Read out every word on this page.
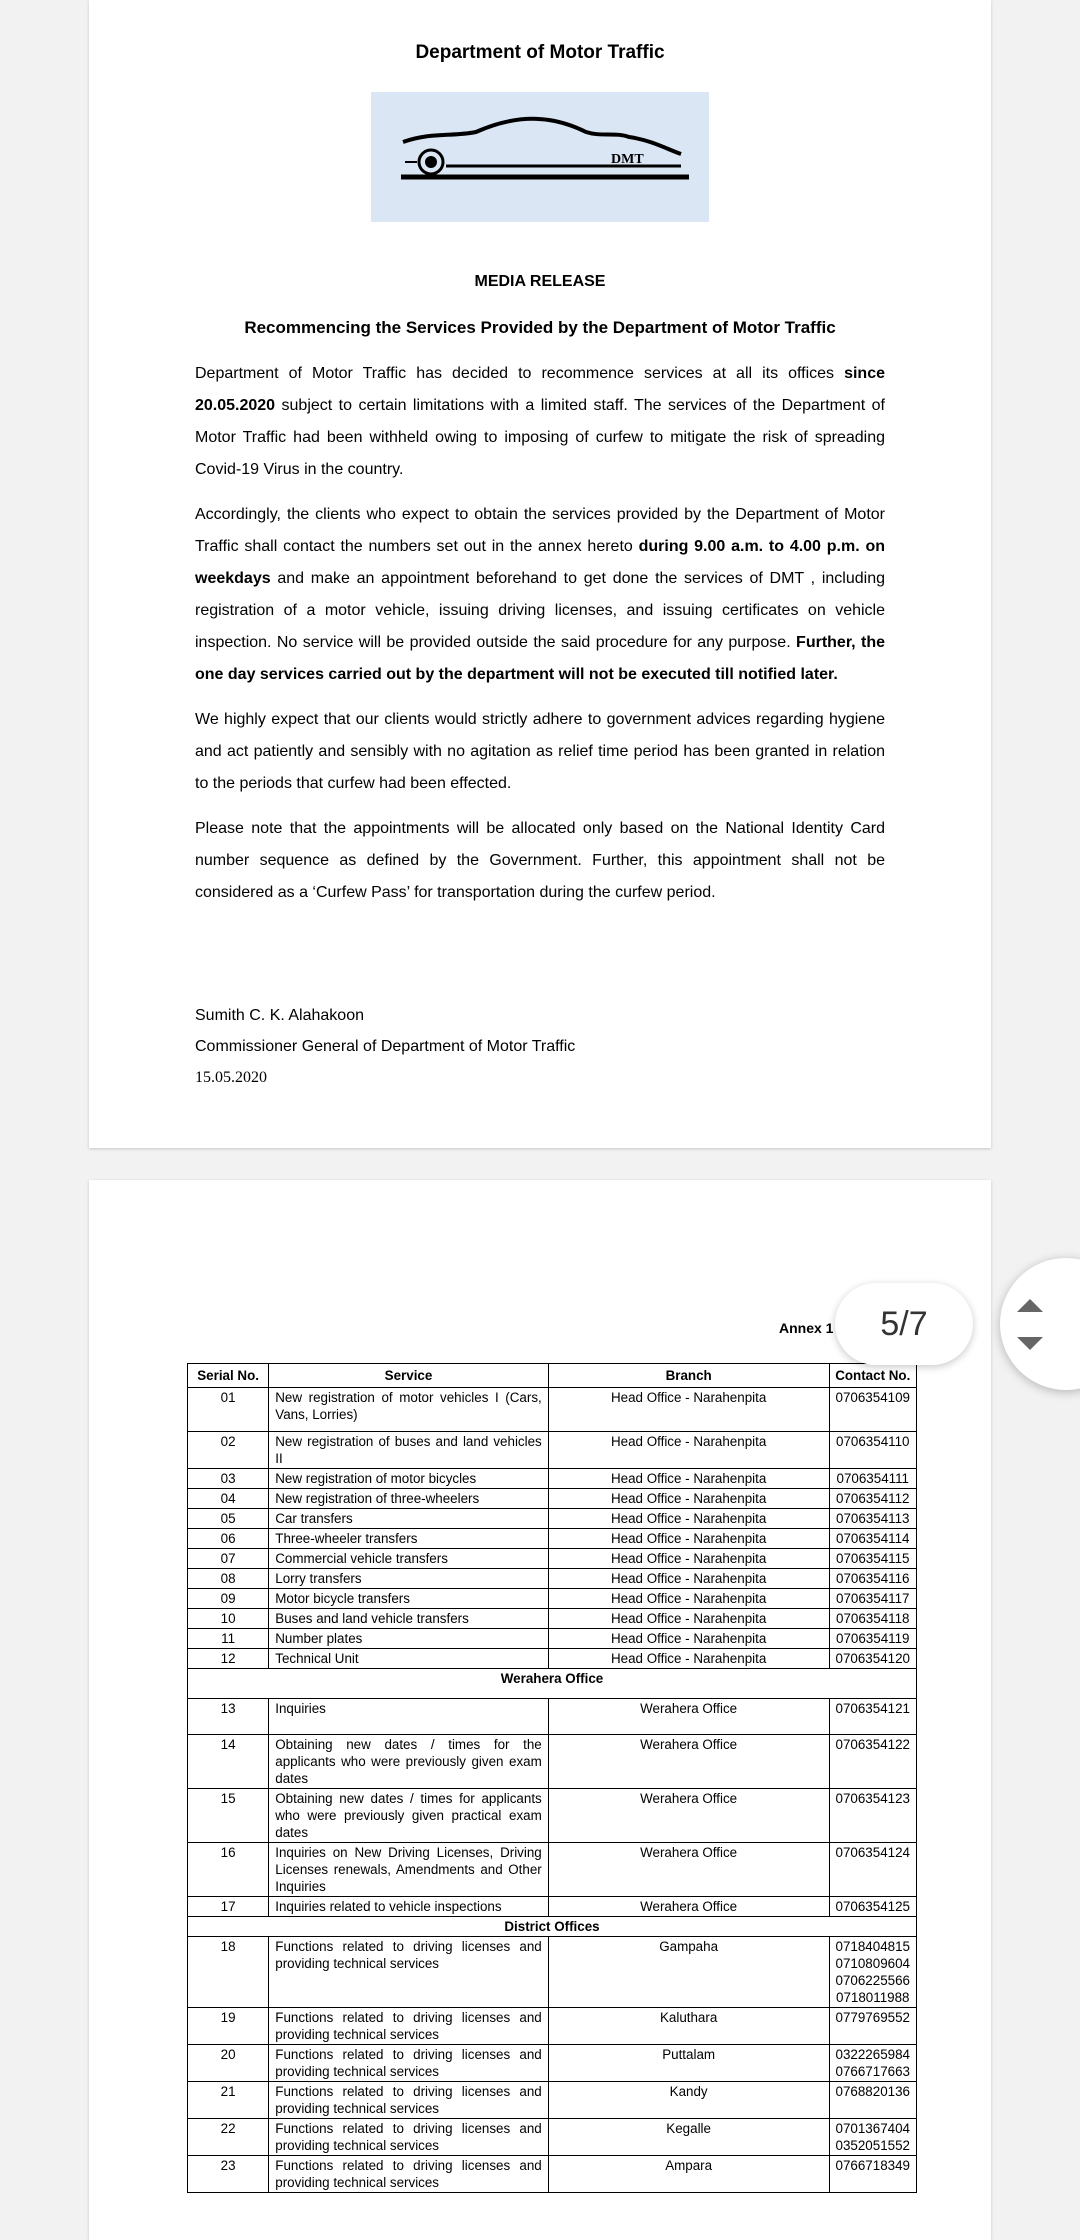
Department of Motor Traffic
DMT
MEDIA RELEASE
Recommencing the Services Provided by the Department of Motor Traffic

Department of Motor Traffic has decided to recommence services at all its offices since 20.05.2020 subject to certain limitations with a limited staff. The services of the Department of Motor Traffic had been withheld owing to imposing of curfew to mitigate the risk of spreading Covid-19 Virus in the country.

Accordingly, the clients who expect to obtain the services provided by the Department of Motor Traffic shall contact the numbers set out in the annex hereto during 9.00 a.m. to 4.00 p.m. on weekdays and make an appointment beforehand to get done the services of DMT , including registration of a motor vehicle, issuing driving licenses, and issuing certificates on vehicle inspection. No service will be provided outside the said procedure for any purpose. Further, the one day services carried out by the department will not be executed till notified later.

We highly expect that our clients would strictly adhere to government advices regarding hygiene and act patiently and sensibly with no agitation as relief time period has been granted in relation to the periods that curfew had been effected.

Please note that the appointments will be allocated only based on the National Identity Card number sequence as defined by the Government. Further, this appointment shall not be considered as a ‘Curfew Pass’ for transportation during the curfew period.

Sumith C. K. Alahakoon
Commissioner General of Department of Motor Traffic
15.05.2020
Annex 1
Serial No.	Service	Branch	Contact No.
01	New registration of motor vehicles I (Cars, Vans, Lorries)	Head Office - Narahenpita	0706354109
02	New registration of buses and land vehicles II	Head Office - Narahenpita	0706354110
03	New registration of motor bicycles	Head Office - Narahenpita	0706354111
04	New registration of three-wheelers	Head Office - Narahenpita	0706354112
05	Car transfers	Head Office - Narahenpita	0706354113
06	Three-wheeler transfers	Head Office - Narahenpita	0706354114
07	Commercial vehicle transfers	Head Office - Narahenpita	0706354115
08	Lorry transfers	Head Office - Narahenpita	0706354116
09	Motor bicycle transfers	Head Office - Narahenpita	0706354117
10	Buses and land vehicle transfers	Head Office - Narahenpita	0706354118
11	Number plates	Head Office - Narahenpita	0706354119
12	Technical Unit	Head Office - Narahenpita	0706354120
Werahera Office			
13	Inquiries	Werahera Office	0706354121
14	Obtaining new dates / times for the applicants who were previously given exam dates	Werahera Office	0706354122
15	Obtaining new dates / times for applicants who were previously given practical exam dates	Werahera Office	0706354123
16	Inquiries on New Driving Licenses, Driving Licenses renewals, Amendments and Other Inquiries	Werahera Office	0706354124
17	Inquiries related to vehicle inspections	Werahera Office	0706354125
District Offices			
18	Functions related to driving licenses and providing technical services	Gampaha	0718404815
0710809604
0706225566
0718011988
19	Functions related to driving licenses and providing technical services	Kaluthara	0779769552
20	Functions related to driving licenses and providing technical services	Puttalam	0322265984
0766717663
21	Functions related to driving licenses and providing technical services	Kandy	0768820136
22	Functions related to driving licenses and providing technical services	Kegalle	0701367404
0352051552
23	Functions related to driving licenses and providing technical services	Ampara	0766718349
5/7
